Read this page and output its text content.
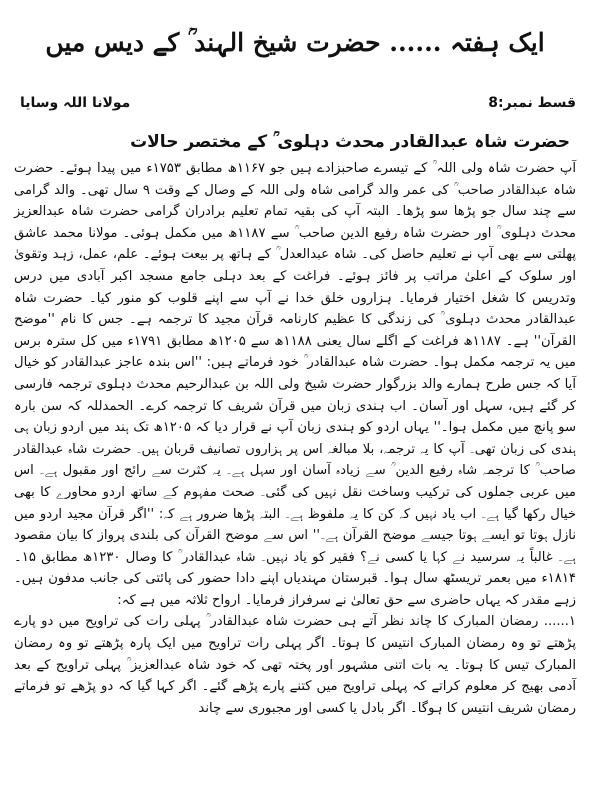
ایک ہفتہ ...... حضرت شیخ الہند ؒ کے دیس میں
قسط نمبر:8
مولانا اللہ وسایا
حضرت شاہ عبدالقادر محدث دہلوی ؒ کے مختصر حالات

آپ حضرت شاہ ولی اللہ ؒ کے تیسرے صاحبزادے ہیں جو ۱۱۶۷ھ مطابق ۱۷۵۳ء میں پیدا ہوئے۔ حضرت شاہ عبدالقادر صاحب ؒ کی عمر والد گرامی شاہ ولی اللہ کے وصال کے وقت ۹ سال تھی۔ والد گرامی سے چند سال جو پڑھا سو پڑھا۔ البتہ آپ کی بقیہ تمام تعلیم برادران گرامی حضرت شاہ عبدالعزیز محدث دہلوی ؒ اور حضرت شاہ رفیع الدین صاحب ؒ سے ۱۱۸۷ھ میں مکمل ہوئی۔ مولانا محمد عاشق پھلتی سے بھی آپ نے تعلیم حاصل کی۔ شاہ عبدالعدل ؒ کے ہاتھ پر بیعت ہوئے۔ علم، عمل، زہد وتقویٰ اور سلوک کے اعلیٰ مراتب پر فائز ہوئے۔ فراغت کے بعد دہلی جامع مسجد اکبر آبادی میں درس وتدریس کا شغل اختیار فرمایا۔ ہزاروں خلق خدا نے آپ سے اپنے قلوب کو منور کیا۔ حضرت شاہ عبدالقادر محدث دہلوی ؒ کی زندگی کا عظیم کارنامہ قرآن مجید کا ترجمہ ہے۔ جس کا نام ''موضح القرآن'' ہے۔ ۱۱۸۷ھ فراغت کے اگلے سال یعنی ۱۱۸۸ھ سے ۱۲۰۵ھ مطابق ۱۷۹۱ء میں کل سترہ برس میں یہ ترجمہ مکمل ہوا۔ حضرت شاہ عبدالقادر ؒ خود فرماتے ہیں: ''اس بندہ عاجز عبدالقادر کو خیال آیا کہ جس طرح ہمارے والد بزرگوار حضرت شیخ ولی اللہ بن عبدالرحیم محدث دہلوی ترجمہ فارسی کر گئے ہیں، سہل اور آسان۔ اب ہندی زبان میں قرآن شریف کا ترجمہ کرے۔ الحمدللہ کہ سن بارہ سو پانچ میں مکمل ہوا۔'' یہاں اردو کو ہندی زبان آپ نے قرار دیا کہ ۱۲۰۵ھ تک ہند میں اردو زبان ہی ہندی کی زبان تھی۔ آپ کا یہ ترجمہ، بلا مبالغہ اس پر ہزاروں تصانیف قربان ہیں۔ حضرت شاہ عبدالقادر صاحب ؒ کا ترجمہ شاہ رفیع الدین ؒ سے زیادہ آسان اور سہل ہے۔ یہ کثرت سے رائج اور مقبول ہے۔ اس میں عربی جملوں کی ترکیب وساخت نقل نہیں کی گئی۔ صحت مفہوم کے ساتھ اردو محاورے کا بھی خیال رکھا گیا ہے۔ اب یاد نہیں کہ کن کا یہ ملفوظ ہے۔ البتہ پڑھا ضرور ہے کہ: ''اگر قرآن مجید اردو میں نازل ہوتا تو ایسے ہوتا جیسے موضح القرآن ہے۔'' اس سے موضح القرآن کی بلندی پرواز کا بیان مقصود ہے۔ غالباً یہ سرسید نے کہا یا کسی نے؟ فقیر کو یاد نہیں۔ شاہ عبدالقادر ؒ کا وصال ۱۲۳۰ھ مطابق ۱۵۔۱۸۱۴ء میں بعمر تریسٹھ سال ہوا۔ قبرستان مہندیاں اپنے دادا حضور کی پائتی کی جانب مدفون ہیں۔ زہے مقدر کہ یہاں حاضری سے حق تعالیٰ نے سرفراز فرمایا۔ ارواح ثلاثہ میں ہے کہ:

۱...... رمضان المبارک کا چاند نظر آتے ہی حضرت شاہ عبدالقادر ؒ پہلی رات کی تراویح میں دو پارے پڑھتے تو وہ رمضان المبارک انتیس کا ہوتا۔ اگر پہلی رات تراویح میں ایک پارہ پڑھتے تو وہ رمضان المبارک تیس کا ہوتا۔ یہ بات اتنی مشہور اور پختہ تھی کہ خود شاہ عبدالعزیز ؒ پہلی تراویح کے بعد آدمی بھیج کر معلوم کراتے کہ پہلی تراویح میں کتنے پارے پڑھے گئے۔ اگر کہا گیا کہ دو پڑھے تو فرماتے رمضان شریف انتیس کا ہوگا۔ اگر بادل یا کسی اور مجبوری سے چاند
